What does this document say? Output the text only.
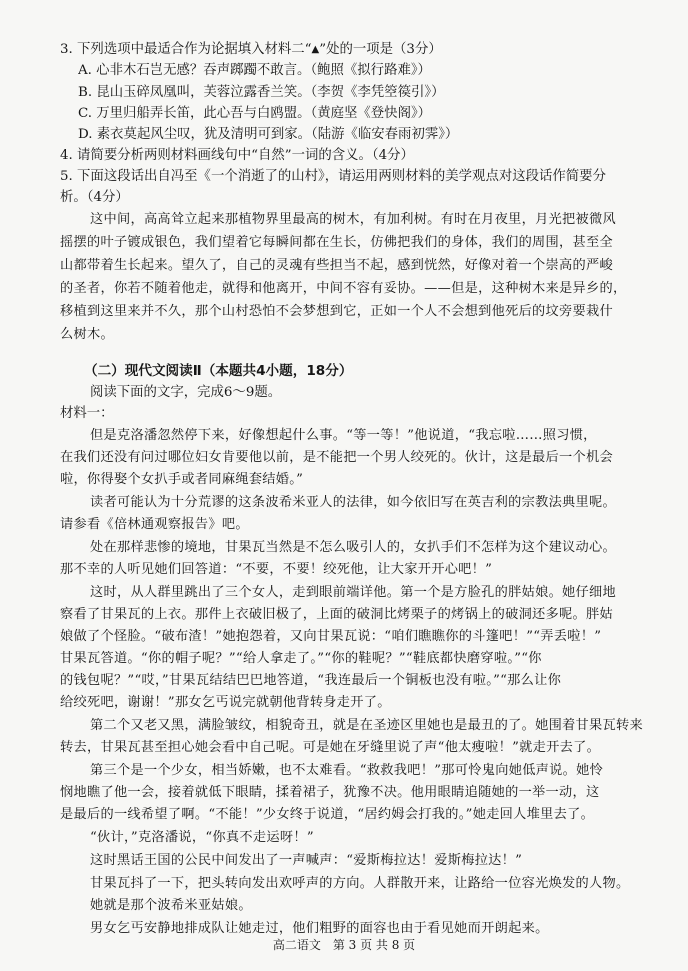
3. 下列选项中最适合作为论据填入材料二“▲”处的一项是（3分）
A. 心非木石岂无感？吞声踯躅不敢言。（鲍照《拟行路难》）
B. 昆山玉碎凤凰叫，芙蓉泣露香兰笑。（李贺《李凭箜篌引》）
C. 万里归船弄长笛，此心吾与白鸥盟。（黄庭坚《登快阁》）
D. 素衣莫起风尘叹，犹及清明可到家。（陆游《临安春雨初霁》）
4. 请简要分析两则材料画线句中“自然”一词的含义。（4分）
5. 下面这段话出自冯至《一个消逝了的山村》，请运用两则材料的美学观点对这段话作简要分
析。（4分）
这中间，高高耸立起来那植物界里最高的树木，有加利树。有时在月夜里，月光把被微风
摇摆的叶子镀成银色，我们望着它每瞬间都在生长，仿佛把我们的身体，我们的周围，甚至全
山都带着生长起来。望久了，自己的灵魂有些担当不起，感到恍然，好像对着一个崇高的严峻
的圣者，你若不随着他走，就得和他离开，中间不容有妥协。——但是，这种树木来是异乡的，
移植到这里来并不久，那个山村恐怕不会梦想到它，正如一个人不会想到他死后的坟旁要栽什
么树木。
（二）现代文阅读Ⅱ（本题共4小题，18分）
阅读下面的文字，完成6～9题。
材料一：
但是克洛潘忽然停下来，好像想起什么事。“等一等！”他说道，“我忘啦……照习惯，
在我们还没有问过哪位妇女肯要他以前，是不能把一个男人绞死的。伙计，这是最后一个机会
啦，你得娶个女扒手或者同麻绳套结婚。”
读者可能认为十分荒谬的这条波希米亚人的法律，如今依旧写在英吉利的宗教法典里呢。
请参看《倍林通观察报告》吧。
处在那样悲惨的境地，甘果瓦当然是不怎么吸引人的，女扒手们不怎样为这个建议动心。
那不幸的人听见她们回答道：“不要，不要！绞死他，让大家开开心吧！”
这时，从人群里跳出了三个女人，走到眼前端详他。第一个是方脸孔的胖姑娘。她仔细地
察看了甘果瓦的上衣。那件上衣破旧极了，上面的破洞比烤栗子的烤锅上的破洞还多呢。胖姑
娘做了个怪脸。“破布渣！”她抱怨着，又向甘果瓦说：“咱们瞧瞧你的斗篷吧！”“弄丢啦！”
甘果瓦答道。“你的帽子呢？”“给人拿走了。”“你的鞋呢？”“鞋底都快磨穿啦。”“你
的钱包呢？”“哎，”甘果瓦结结巴巴地答道，“我连最后一个铜板也没有啦。”“那么让你
给绞死吧，谢谢！”那女乞丐说完就朝他背转身走开了。
第二个又老又黑，满脸皱纹，相貌奇丑，就是在圣迹区里她也是最丑的了。她围着甘果瓦转来
转去，甘果瓦甚至担心她会看中自己呢。可是她在牙缝里说了声“他太瘦啦！”就走开去了。
第三个是一个少女，相当娇嫩，也不太难看。“救救我吧！”那可怜鬼向她低声说。她怜
悯地瞧了他一会，接着就低下眼睛，揉着裙子，犹豫不决。他用眼睛追随她的一举一动，这
是最后的一线希望了啊。“不能！”少女终于说道，“居约姆会打我的。”她走回人堆里去了。
“伙计，”克洛潘说，“你真不走运呀！”
这时黑话王国的公民中间发出了一声喊声：“爱斯梅拉达！爱斯梅拉达！”
甘果瓦抖了一下，把头转向发出欢呼声的方向。人群散开来，让路给一位容光焕发的人物。
她就是那个波希米亚姑娘。
男女乞丐安静地排成队让她走过，他们粗野的面容也由于看见她而开朗起来。
高二语文　第 3 页 共 8 页
